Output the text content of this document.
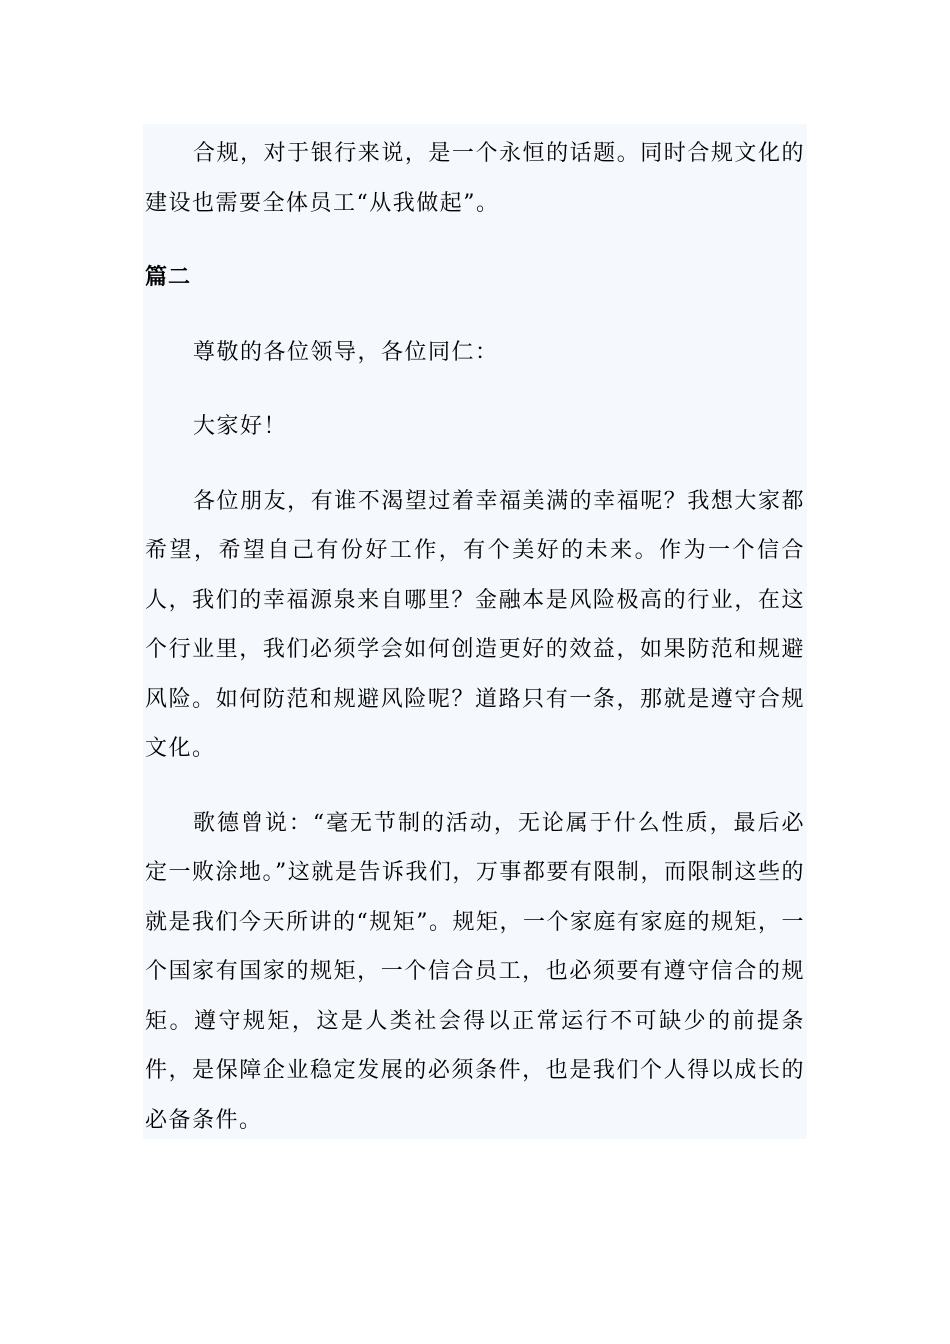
合规，对于银行来说，是一个永恒的话题。同时合规文化的建设也需要全体员工“从我做起”。

篇二

尊敬的各位领导，各位同仁：

大家好！

各位朋友，有谁不渴望过着幸福美满的幸福呢？我想大家都希望，希望自己有份好工作，有个美好的未来。作为一个信合人，我们的幸福源泉来自哪里？金融本是风险极高的行业，在这个行业里，我们必须学会如何创造更好的效益，如果防范和规避风险。如何防范和规避风险呢？道路只有一条，那就是遵守合规文化。

歌德曾说：“毫无节制的活动，无论属于什么性质，最后必定一败涂地。”这就是告诉我们，万事都要有限制，而限制这些的就是我们今天所讲的“规矩”。规矩，一个家庭有家庭的规矩，一个国家有国家的规矩，一个信合员工，也必须要有遵守信合的规矩。遵守规矩，这是人类社会得以正常运行不可缺少的前提条件，是保障企业稳定发展的必须条件，也是我们个人得以成长的必备条件。
